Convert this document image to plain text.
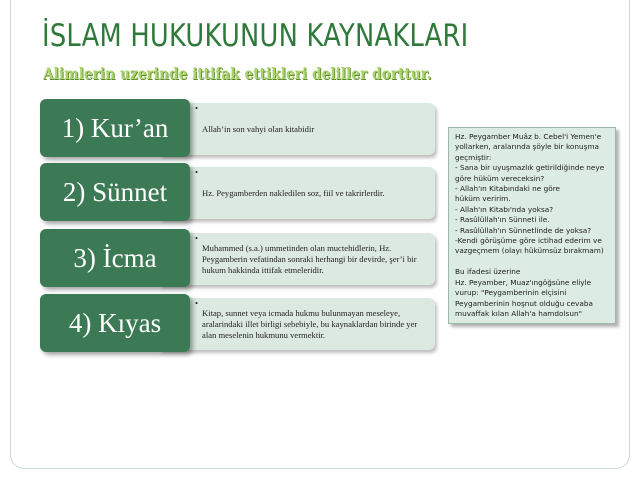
İSLAM HUKUKUNUN KAYNAKLARI
Alimlerin uzerinde ittifak ettikleri deliller dorttur.
1) Kur’an
•
Allah’in son vahyi olan kitabidir
2) Sünnet
•
Hz. Peygamberden nakledilen soz, fiil ve takrirlerdir.
3) İcma
•
Muhammed (s.a.) ummetinden olan muctehidlerin, Hz. Peygamberin vefatindan sonraki herhangi bir devirde, şer’i bir hukum hakkinda ittifak etmeleridir.
4) Kıyas
•
Kitap, sunnet veya icmada hukmu bulunmayan meseleye, aralarindaki illet birligi sebebiyle, bu kaynaklardan birinde yer alan meselenin hukmunu vermektir.
Hz. Peygamber Muâz b. Cebel'i Yemen'e
yollarken, aralarında şöyle bir konuşma
geçmiştir:
- Sana bir uyuşmazlık getirildiğinde neye
göre hüküm vereceksin?
- Allah'ın Kitabındaki ne göre
hüküm veririm.
- Allah'ın Kitabı'nda yoksa?
- Rasûlüllah'ın Sünneti ile.
- Rasûlüllah'ın Sünnetlinde de yoksa?
-Kendi görüşüme göre ictihad ederim ve
vazgeçmem (olayı hükümsüz bırakmam)

Bu ifadesi üzerine
Hz. Peyamber, Muaz'ıngöğsüne eliyle
vurup: "Peygamberinin elçisini
Peygamberinin hoşnut olduğu cevaba
muvaffak kılan Allah'a hamdolsun"
